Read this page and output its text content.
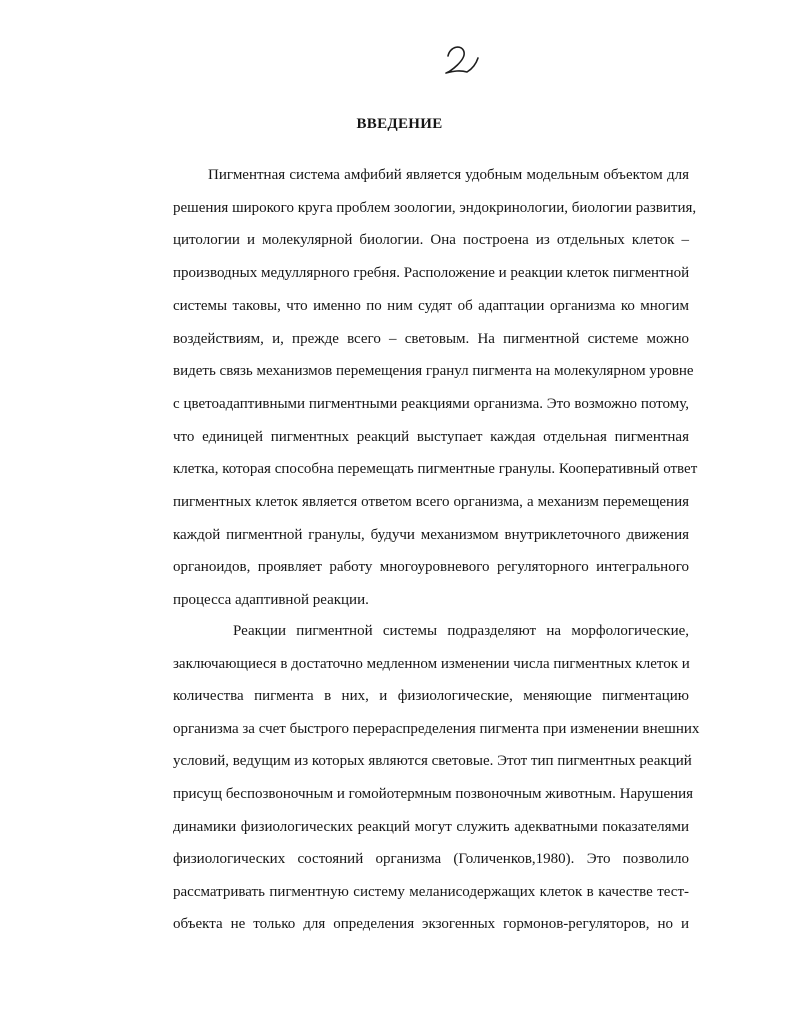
ВВЕДЕНИЕ
Пигментная система амфибий является удобным модельным объектом для
решения широкого круга проблем зоологии, эндокринологии, биологии развития,
цитологии и молекулярной биологии. Она построена из отдельных клеток –
производных медуллярного гребня. Расположение и реакции клеток пигментной
системы таковы, что именно по ним судят об адаптации организма ко многим
воздействиям, и, прежде всего – световым. На пигментной системе можно
видеть связь механизмов перемещения гранул пигмента на молекулярном уровне
с цветоадаптивными пигментными реакциями организма. Это возможно потому,
что единицей пигментных реакций выступает каждая отдельная пигментная
клетка, которая способна перемещать пигментные гранулы. Кооперативный ответ
пигментных клеток является ответом всего организма, а механизм перемещения
каждой пигментной гранулы, будучи механизмом внутриклеточного движения
органоидов, проявляет работу многоуровневого регуляторного интегрального
процесса адаптивной реакции.
Реакции пигментной системы подразделяют на морфологические,
заключающиеся в достаточно медленном изменении числа пигментных клеток и
количества пигмента в них, и физиологические, меняющие пигментацию
организма за счет быстрого перераспределения пигмента при изменении внешних
условий, ведущим из которых являются световые. Этот тип пигментных реакций
присущ беспозвоночным и гомойотермным позвоночным животным. Нарушения
динамики физиологических реакций могут служить адекватными показателями
физиологических состояний организма (Голиченков,1980). Это позволило
рассматривать пигментную систему меланисодержащих клеток в качестве тест-
объекта не только для определения экзогенных гормонов-регуляторов, но и
